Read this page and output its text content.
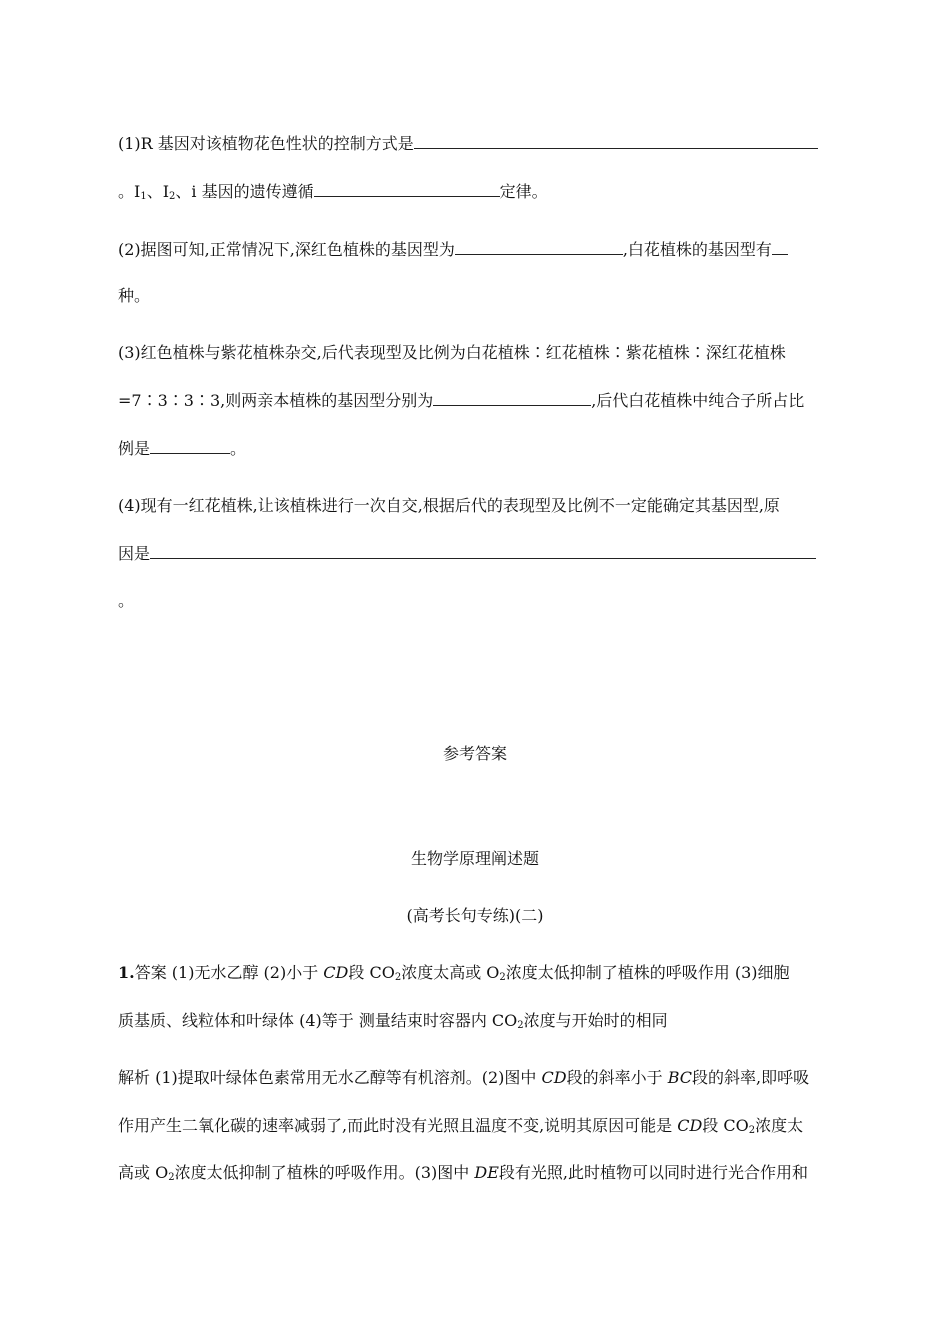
(1)R 基因对该植物花色性状的控制方式是
。$I_1$、$I_2$、i 基因的遗传遵循	定律。
(2)据图可知,正常情况下,深红色植株的基因型为	,白花植株的基因型有
种。
(3)红色植株与紫花植株杂交,后代表现型及比例为白花植株∶红花植株∶紫花植株∶深红花植株
=7∶3∶3∶3,则两亲本植株的基因型分别为	,后代白花植株中纯合子所占比
例是	。
(4)现有一红花植株,让该植株进行一次自交,根据后代的表现型及比例不一定能确定其基因型,原
因是
。
参考答案
生物学原理阐述题
(高考长句专练)(二)
1.答案 (1)无水乙醇 (2)小于 CD段 $CO_2$浓度太高或 $O_2$浓度太低抑制了植株的呼吸作用 (3)细胞
质基质、线粒体和叶绿体 (4)等于 测量结束时容器内 $CO_2$浓度与开始时的相同
解析 (1)提取叶绿体色素常用无水乙醇等有机溶剂。(2)图中 CD段的斜率小于 BC段的斜率,即呼吸
作用产生二氧化碳的速率减弱了,而此时没有光照且温度不变,说明其原因可能是 CD段 $CO_2$浓度太
高或 $O_2$浓度太低抑制了植株的呼吸作用。(3)图中 DE段有光照,此时植物可以同时进行光合作用和
